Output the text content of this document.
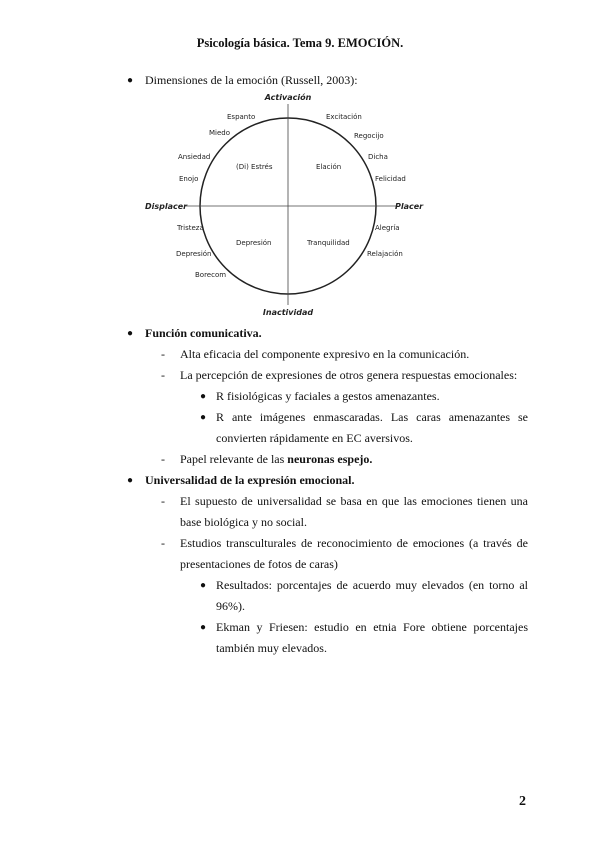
Psicología básica. Tema 9. EMOCIÓN.
● Dimensiones de la emoción (Russell, 2003):
Activación
Inactividad
Displacer	Placer
Espanto
Miedo
Ansiedad
Enojo
Excitación
Regocijo
Dicha
Felicidad
Tristeza
Depresión
Borecom
Alegría
Relajación
(Di) Estrés	Elación
Depresión	Tranquilidad
● Función comunicativa.
- Alta eficacia del componente expresivo en la comunicación.
- La percepción de expresiones de otros genera respuestas emocionales:
● R fisiológicas y faciales a gestos amenazantes.
● R ante imágenes enmascaradas. Las caras amenazantes se
convierten rápidamente en EC aversivos.
- Papel relevante de las neuronas espejo.
● Universalidad de la expresión emocional.
- El supuesto de universalidad se basa en que las emociones tienen una
base biológica y no social.
- Estudios transculturales de reconocimiento de emociones (a través de
presentaciones de fotos de caras)
● Resultados: porcentajes de acuerdo muy elevados (en torno al
96%).
● Ekman y Friesen: estudio en etnia Fore obtiene porcentajes
también muy elevados.
2
